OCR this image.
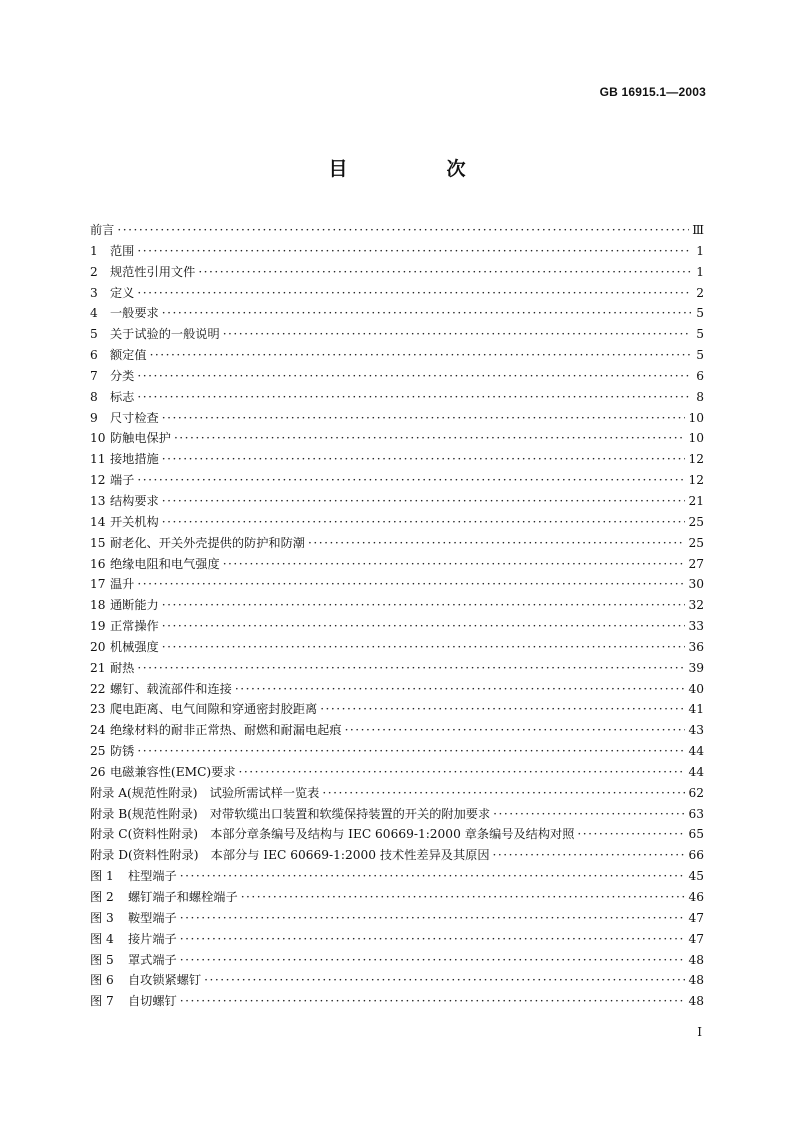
GB 16915.1—2003
目　次
前言 ·····	Ⅲ
1	范围 ·····	1
2	规范性引用文件 ·····	1
3	定义 ·····	2
4	一般要求 ·····	5
5	关于试验的一般说明 ·····	5
6	额定值 ·····	5
7	分类 ·····	6
8	标志 ·····	8
9	尺寸检查 ·····	10
10 防触电保护 ·····	10
11 接地措施 ·····	12
12 端子 ·····	12
13 结构要求 ·····	21
14 开关机构 ·····	25
15 耐老化、开关外壳提供的防护和防潮 ·····	25
16 绝缘电阻和电气强度 ·····	27
17 温升 ·····	30
18 通断能力 ·····	32
19 正常操作 ·····	33
20 机械强度 ·····	36
21 耐热 ·····	39
22 螺钉、载流部件和连接 ·····	40
23 爬电距离、电气间隙和穿通密封胶距离 ·····	41
24 绝缘材料的耐非正常热、耐燃和耐漏电起痕 ·····	43
25 防锈 ·····	44
26 电磁兼容性(EMC)要求 ·····	44
附录 A(规范性附录)　试验所需试样一览表 ·····	62
附录 B(规范性附录)　对带软缆出口装置和软缆保持装置的开关的附加要求 ·····	63
附录 C(资料性附录)　本部分章条编号及结构与 IEC 60669-1:2000 章条编号及结构对照 ·····	65
附录 D(资料性附录)　本部分与 IEC 60669-1:2000 技术性差异及其原因 ·····	66
图 1	柱型端子 ·····	45
图 2	螺钉端子和螺栓端子 ·····	46
图 3	鞍型端子 ·····	47
图 4	接片端子 ·····	47
图 5	罩式端子 ·····	48
图 6	自攻锁紧螺钉 ·····	48
图 7	自切螺钉 ·····	48
I
